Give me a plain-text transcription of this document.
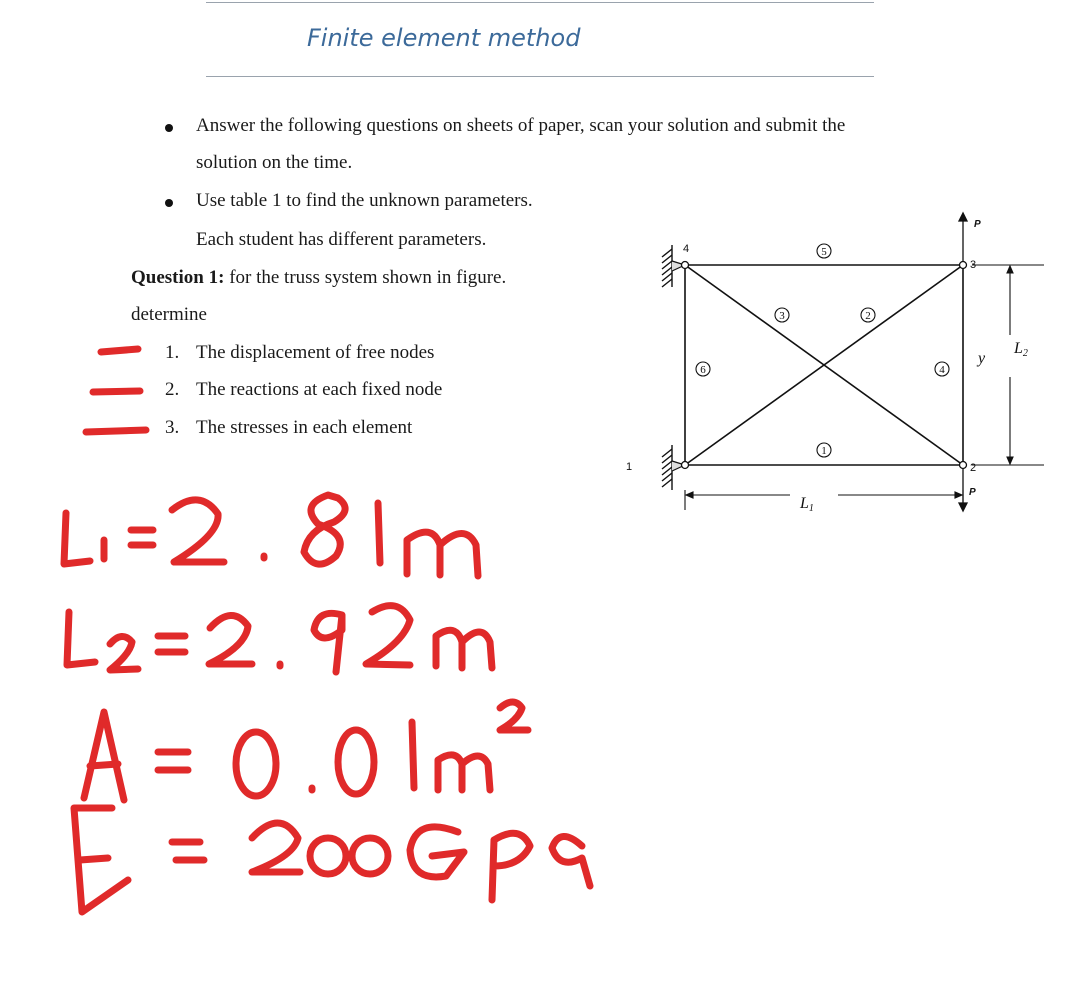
Finite element method
Answer the following questions on sheets of paper, scan your solution and submit the
solution on the time.
Use table 1 to find the unknown parameters.
Each student has different parameters.
Question 1: for the truss system shown in figure.
determine
1. The displacement of free nodes
2. The reactions at each fixed node
3. The stresses in each element
4
1
3
2
1
2
3
4
5
6
P
P
L1
L2
y
